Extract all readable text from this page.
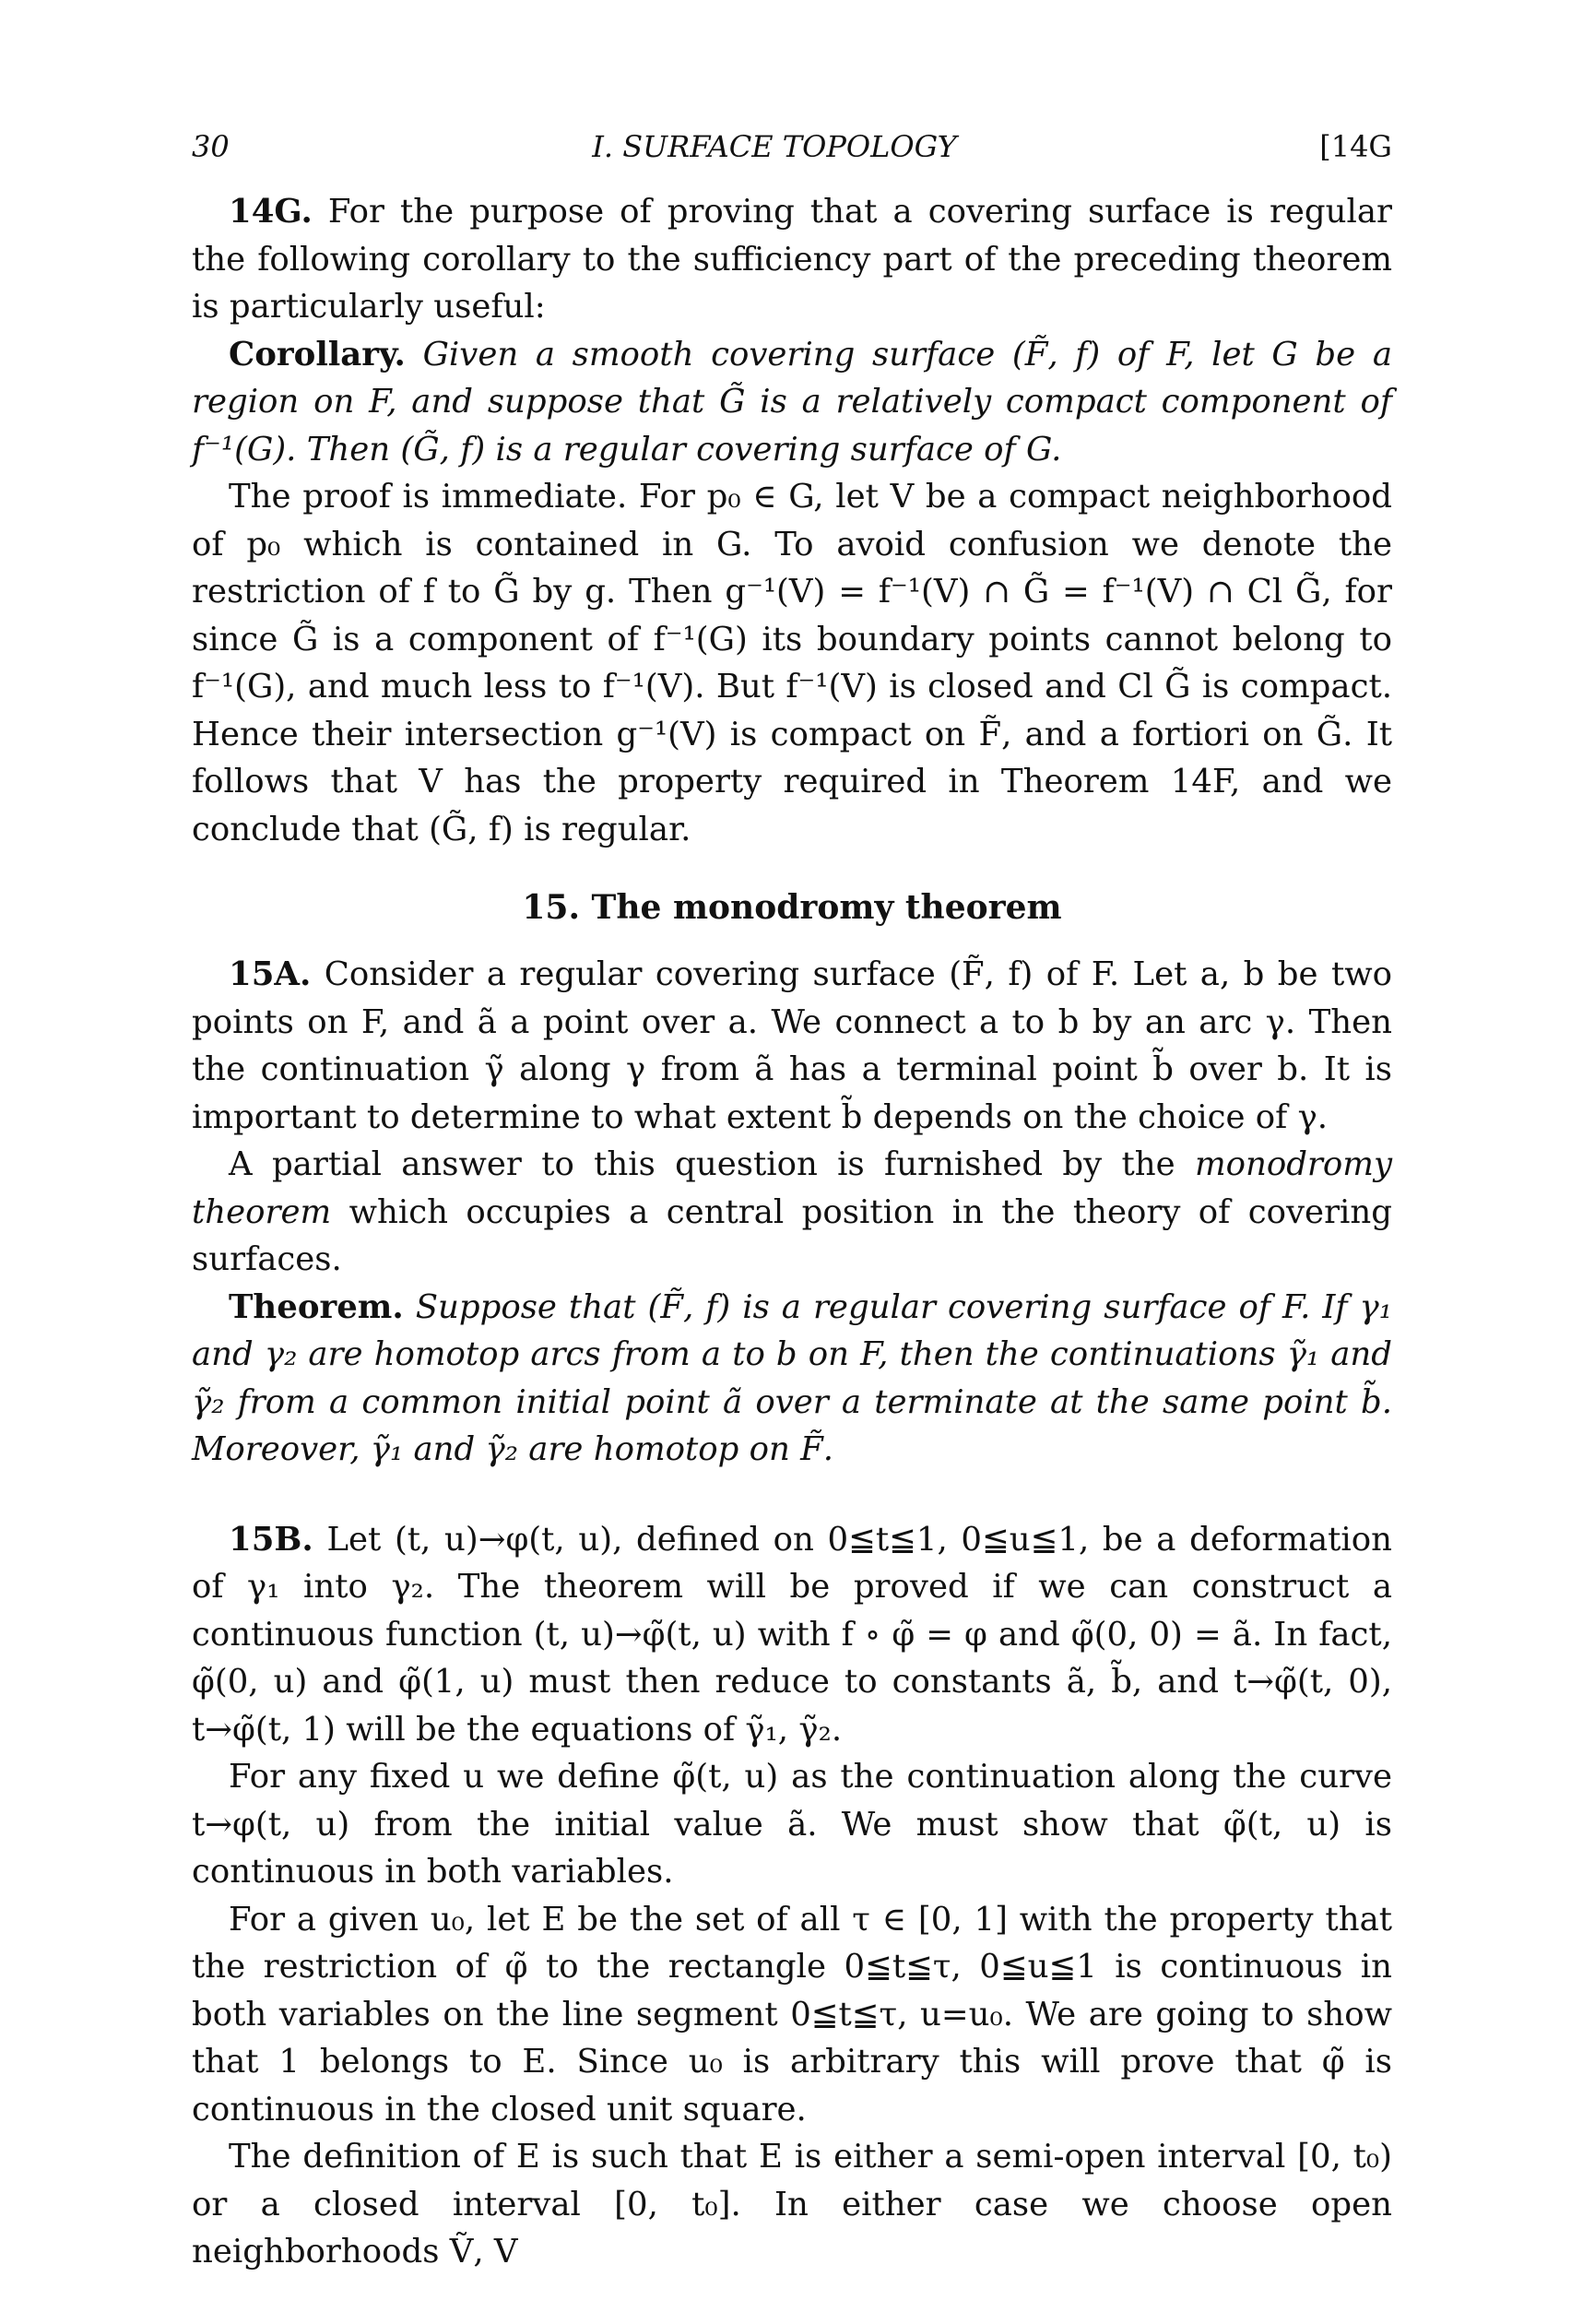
30	I. SURFACE TOPOLOGY	[14G

14G. For the purpose of proving that a covering surface is regular the following corollary to the sufficiency part of the preceding theorem is particularly useful:

Corollary. Given a smooth covering surface (F̃, f) of F, let G be a region on F, and suppose that G̃ is a relatively compact component of f⁻¹(G). Then (G̃, f) is a regular covering surface of G.

The proof is immediate. For p₀ ∈ G, let V be a compact neighborhood of p₀ which is contained in G. To avoid confusion we denote the restriction of f to G̃ by g. Then g⁻¹(V) = f⁻¹(V) ∩ G̃ = f⁻¹(V) ∩ Cl G̃, for since G̃ is a component of f⁻¹(G) its boundary points cannot belong to f⁻¹(G), and much less to f⁻¹(V). But f⁻¹(V) is closed and Cl G̃ is compact. Hence their intersection g⁻¹(V) is compact on F̃, and a fortiori on G̃. It follows that V has the property required in Theorem 14F, and we conclude that (G̃, f) is regular.

15. The monodromy theorem

15A. Consider a regular covering surface (F̃, f) of F. Let a, b be two points on F, and ã a point over a. We connect a to b by an arc γ. Then the continuation γ̃ along γ from ã has a terminal point b̃ over b. It is important to determine to what extent b̃ depends on the choice of γ.

A partial answer to this question is furnished by the monodromy theorem which occupies a central position in the theory of covering surfaces.

Theorem. Suppose that (F̃, f) is a regular covering surface of F. If γ₁ and γ₂ are homotop arcs from a to b on F, then the continuations γ̃₁ and γ̃₂ from a common initial point ã over a terminate at the same point b̃. Moreover, γ̃₁ and γ̃₂ are homotop on F̃.

15B. Let (t, u)→φ(t, u), defined on 0≦t≦1, 0≦u≦1, be a deformation of γ₁ into γ₂. The theorem will be proved if we can construct a continuous function (t, u)→φ̃(t, u) with f ∘ φ̃ = φ and φ̃(0, 0) = ã. In fact, φ̃(0, u) and φ̃(1, u) must then reduce to constants ã, b̃, and t→φ̃(t, 0), t→φ̃(t, 1) will be the equations of γ̃₁, γ̃₂.

For any fixed u we define φ̃(t, u) as the continuation along the curve t→φ(t, u) from the initial value ã. We must show that φ̃(t, u) is continuous in both variables.

For a given u₀, let E be the set of all τ ∈ [0, 1] with the property that the restriction of φ̃ to the rectangle 0≦t≦τ, 0≦u≦1 is continuous in both variables on the line segment 0≦t≦τ, u=u₀. We are going to show that 1 belongs to E. Since u₀ is arbitrary this will prove that φ̃ is continuous in the closed unit square.

The definition of E is such that E is either a semi-open interval [0, t₀) or a closed interval [0, t₀]. In either case we choose open neighborhoods Ṽ, V
